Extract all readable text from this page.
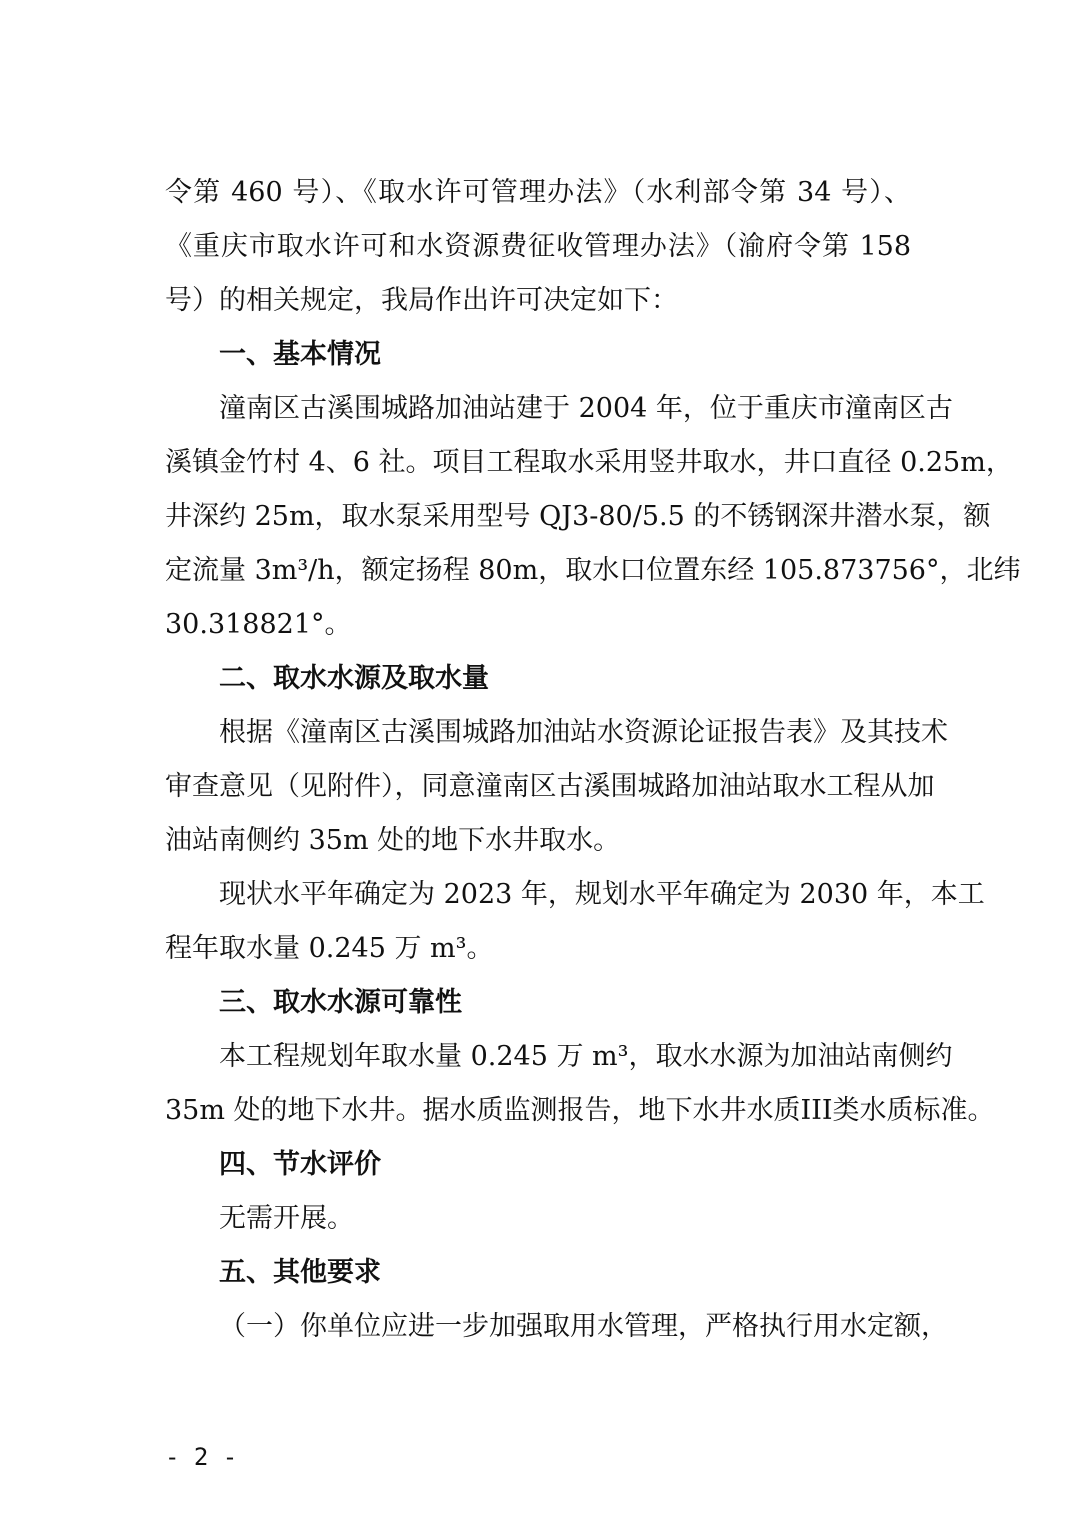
令第 460 号）、《取水许可管理办法》（水利部令第 34 号）、
《重庆市取水许可和水资源费征收管理办法》（渝府令第 158
号）的相关规定，我局作出许可决定如下：
一、基本情况
潼南区古溪围城路加油站建于 2004 年，位于重庆市潼南区古
溪镇金竹村 4、6 社。项目工程取水采用竖井取水，井口直径 0.25m，
井深约 25m，取水泵采用型号 QJ3-80/5.5 的不锈钢深井潜水泵，额
定流量 3m³/h，额定扬程 80m，取水口位置东经 105.873756°，北纬
30.318821°。
二、取水水源及取水量
根据《潼南区古溪围城路加油站水资源论证报告表》及其技术
审查意见（见附件），同意潼南区古溪围城路加油站取水工程从加
油站南侧约 35m 处的地下水井取水。
现状水平年确定为 2023 年，规划水平年确定为 2030 年，本工
程年取水量 0.245 万 m³。
三、取水水源可靠性
本工程规划年取水量 0.245 万 m³，取水水源为加油站南侧约
35m 处的地下水井。据水质监测报告，地下水井水质III类水质标准。
四、节水评价
无需开展。
五、其他要求
（一）你单位应进一步加强取用水管理，严格执行用水定额，
- 2 -
